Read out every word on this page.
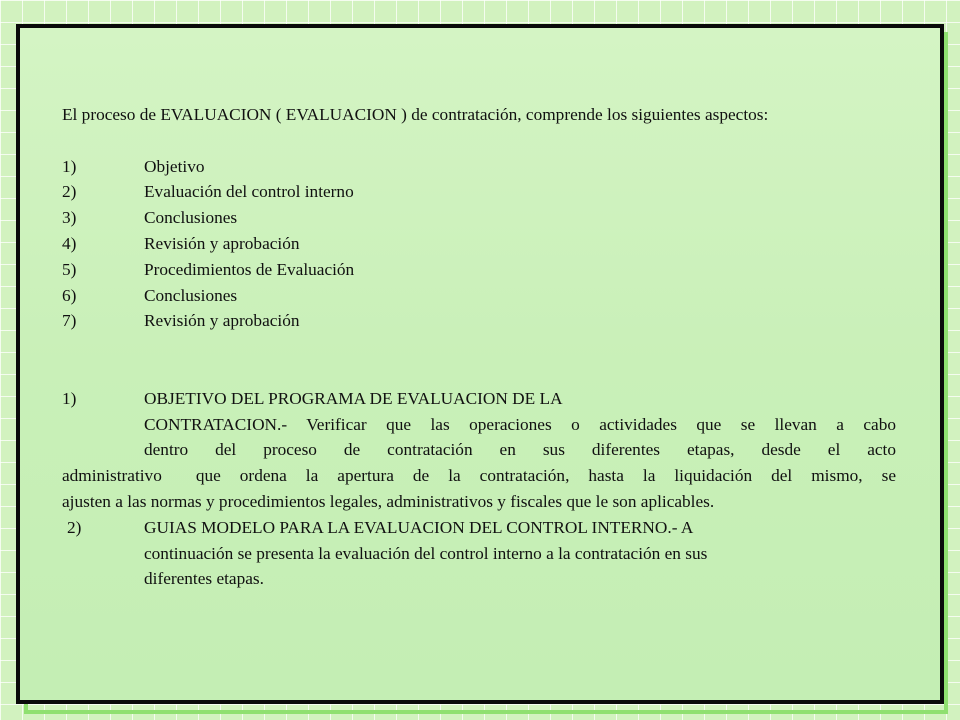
El proceso de EVALUACION ( EVALUACION ) de contratación, comprende los siguientes aspectos:

1)	Objetivo
2)	Evaluación del control interno
3)	Conclusiones
4)	Revisión y aprobación
5)	Procedimientos de Evaluación
6)	Conclusiones
7)	Revisión y aprobación
1)	OBJETIVO DEL PROGRAMA DE EVALUACION DE LA
CONTRATACION.- Verificar que las operaciones o actividades que se llevan a cabo
dentro del proceso de contratación en sus diferentes etapas, desde el acto
administrativo que ordena la apertura de la contratación, hasta la liquidación del mismo, se
ajusten a las normas y procedimientos legales, administrativos y fiscales que le son aplicables.
2)	GUIAS MODELO PARA LA EVALUACION DEL CONTROL INTERNO.- A
continuación se presenta la evaluación del control interno a la contratación en sus
diferentes etapas.
